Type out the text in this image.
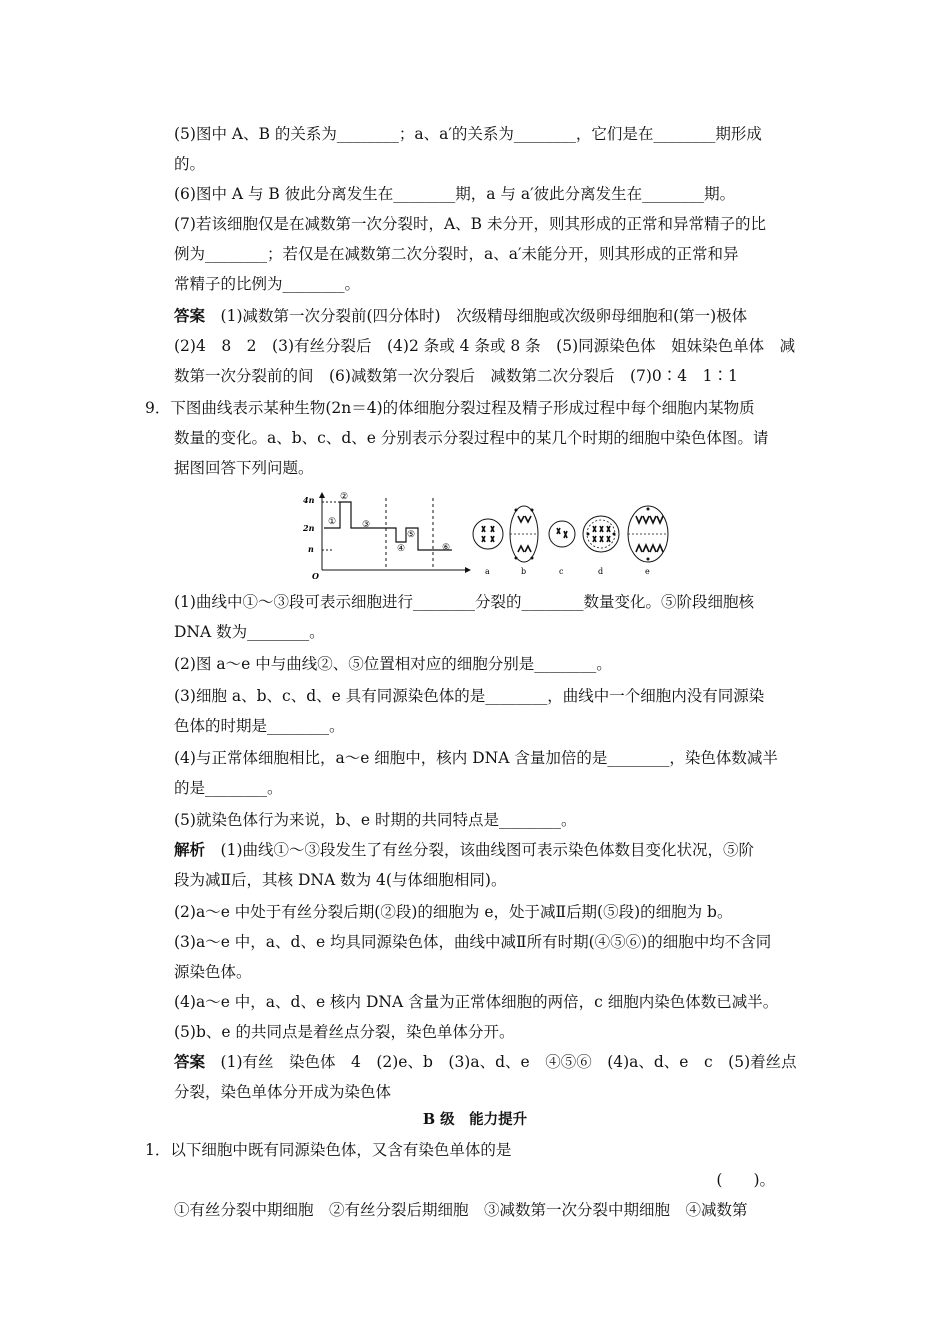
(5)图中 A、B 的关系为________；a、a′的关系为________，它们是在________期形成
的。
(6)图中 A 与 B 彼此分离发生在________期，a 与 a′彼此分离发生在________期。
(7)若该细胞仅是在减数第一次分裂时，A、B 未分开，则其形成的正常和异常精子的比
例为________；若仅是在减数第二次分裂时，a、a′未能分开，则其形成的正常和异
常精子的比例为________。
答案　 (1)减数第一次分裂前(四分体时)　次级精母细胞或次级卵母细胞和(第一)极体
(2)4　8　2　(3)有丝分裂后　(4)2 条或 4 条或 8 条　(5)同源染色体　姐妹染色单体　减
数第一次分裂前的间　(6)减数第一次分裂后　减数第二次分裂后　(7)0∶4　1∶1
9．下图曲线表示某种生物(2n＝4)的体细胞分裂过程及精子形成过程中每个细胞内某物质
数量的变化。a、b、c、d、e 分别表示分裂过程中的某几个时期的细胞中染色体图。请
据图回答下列问题。
4n
2n
n
O
①
②
③
④
⑤
⑥
a	b	c	d	e
(1)曲线中①～③段可表示细胞进行________分裂的________数量变化。⑤阶段细胞核
DNA 数为________。
(2)图 a～e 中与曲线②、⑤位置相对应的细胞分别是________。
(3)细胞 a、b、c、d、e 具有同源染色体的是________，曲线中一个细胞内没有同源染
色体的时期是________。
(4)与正常体细胞相比，a～e 细胞中，核内 DNA 含量加倍的是________，染色体数减半
的是________。
(5)就染色体行为来说，b、e 时期的共同特点是________。
解析　 (1)曲线①～③段发生了有丝分裂，该曲线图可表示染色体数目变化状况，⑤阶
段为减Ⅱ后，其核 DNA 数为 4(与体细胞相同)。
(2)a～e 中处于有丝分裂后期(②段)的细胞为 e，处于减Ⅱ后期(⑤段)的细胞为 b。
(3)a～e 中，a、d、e 均具同源染色体，曲线中减Ⅱ所有时期(④⑤⑥)的细胞中均不含同
源染色体。
(4)a～e 中，a、d、e 核内 DNA 含量为正常体细胞的两倍，c 细胞内染色体数已减半。
(5)b、e 的共同点是着丝点分裂，染色单体分开。
答案　 (1)有丝　染色体　4　(2)e、b　(3)a、d、e　④⑤⑥　(4)a、d、e　c　(5)着丝点
分裂，染色单体分开成为染色体
B 级　能力提升
1．以下细胞中既有同源染色体，又含有染色单体的是
(　　)。
①有丝分裂中期细胞　②有丝分裂后期细胞　③减数第一次分裂中期细胞　④减数第
